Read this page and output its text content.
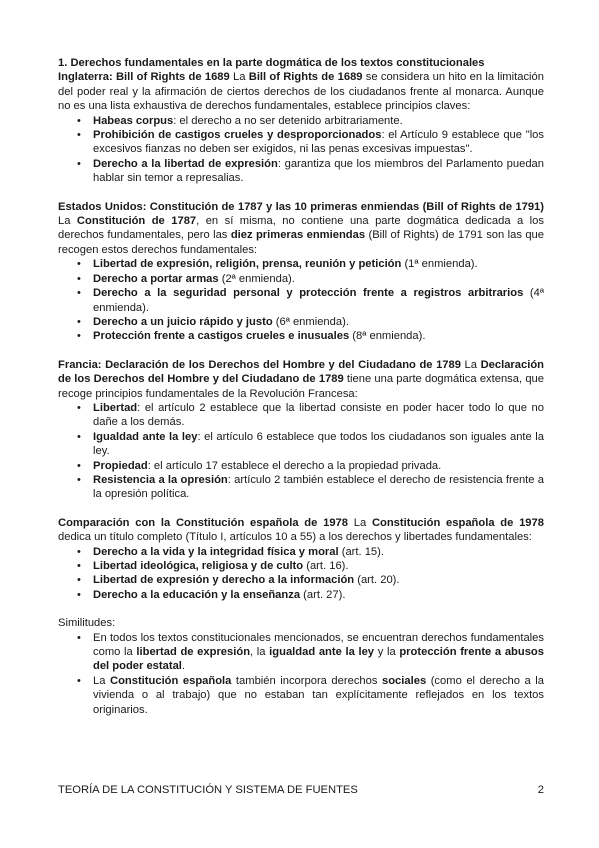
1. Derechos fundamentales en la parte dogmática de los textos constitucionales

Inglaterra: Bill of Rights de 1689 La Bill of Rights de 1689 se considera un hito en la limitación del poder real y la afirmación de ciertos derechos de los ciudadanos frente al monarca. Aunque no es una lista exhaustiva de derechos fundamentales, establece principios claves:

• Habeas corpus: el derecho a no ser detenido arbitrariamente.
• Prohibición de castigos crueles y desproporcionados: el Artículo 9 establece que "los excesivos fianzas no deben ser exigidos, ni las penas excesivas impuestas".
• Derecho a la libertad de expresión: garantiza que los miembros del Parlamento puedan hablar sin temor a represalias.

Estados Unidos: Constitución de 1787 y las 10 primeras enmiendas (Bill of Rights de 1791) La Constitución de 1787, en sí misma, no contiene una parte dogmática dedicada a los derechos fundamentales, pero las diez primeras enmiendas (Bill of Rights) de 1791 son las que recogen estos derechos fundamentales:

• Libertad de expresión, religión, prensa, reunión y petición (1ª enmienda).
• Derecho a portar armas (2ª enmienda).
• Derecho a la seguridad personal y protección frente a registros arbitrarios (4ª enmienda).
• Derecho a un juicio rápido y justo (6ª enmienda).
• Protección frente a castigos crueles e inusuales (8ª enmienda).

Francia: Declaración de los Derechos del Hombre y del Ciudadano de 1789 La Declaración de los Derechos del Hombre y del Ciudadano de 1789 tiene una parte dogmática extensa, que recoge principios fundamentales de la Revolución Francesa:

• Libertad: el artículo 2 establece que la libertad consiste en poder hacer todo lo que no dañe a los demás.
• Igualdad ante la ley: el artículo 6 establece que todos los ciudadanos son iguales ante la ley.
• Propiedad: el artículo 17 establece el derecho a la propiedad privada.
• Resistencia a la opresión: artículo 2 también establece el derecho de resistencia frente a la opresión política.

Comparación con la Constitución española de 1978 La Constitución española de 1978 dedica un título completo (Título I, artículos 10 a 55) a los derechos y libertades fundamentales:

• Derecho a la vida y la integridad física y moral (art. 15).
• Libertad ideológica, religiosa y de culto (art. 16).
• Libertad de expresión y derecho a la información (art. 20).
• Derecho a la educación y la enseñanza (art. 27).

Similitudes:

• En todos los textos constitucionales mencionados, se encuentran derechos fundamentales como la libertad de expresión, la igualdad ante la ley y la protección frente a abusos del poder estatal.
• La Constitución española también incorpora derechos sociales (como el derecho a la vivienda o al trabajo) que no estaban tan explícitamente reflejados en los textos originarios.
TEORÍA DE LA CONSTITUCIÓN Y SISTEMA DE FUENTES	2
